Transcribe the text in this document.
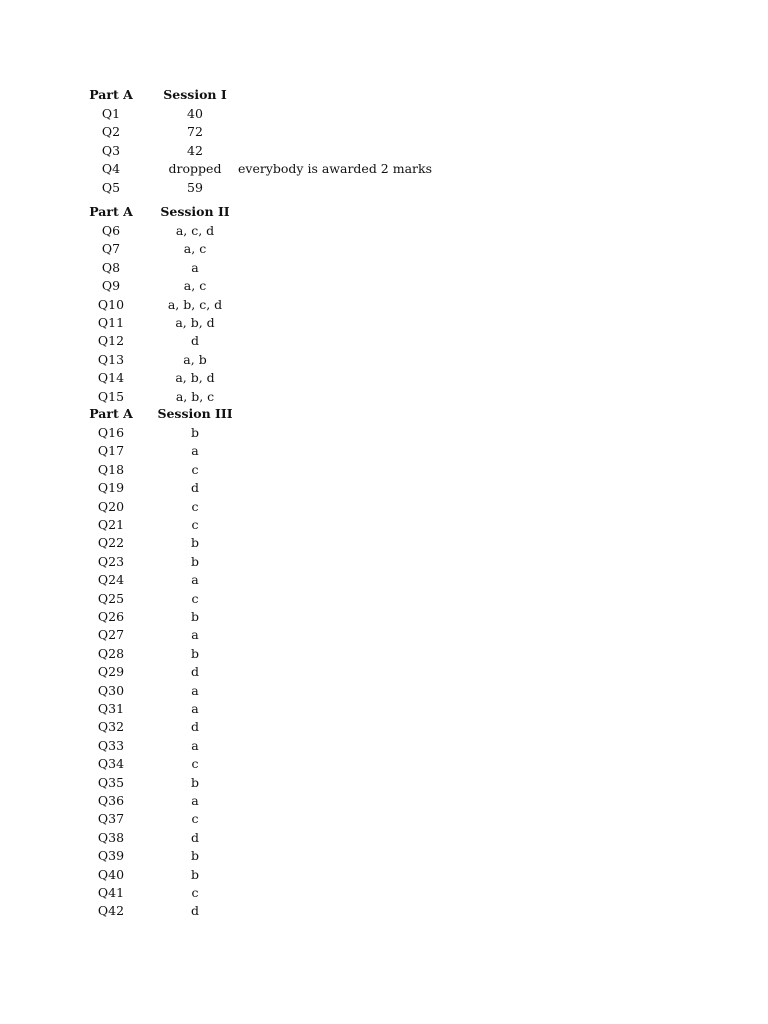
Part A	Session I
Q1	40
Q2	72
Q3	42
Q4	dropped	everybody is awarded 2 marks
Q5	59
Part A	Session II
Q6	a, c, d
Q7	a, c
Q8	a
Q9	a, c
Q10	a, b, c, d
Q11	a, b, d
Q12	d
Q13	a, b
Q14	a, b, d
Q15	a, b, c
Part A	Session III
Q16	b
Q17	a
Q18	c
Q19	d
Q20	c
Q21	c
Q22	b
Q23	b
Q24	a
Q25	c
Q26	b
Q27	a
Q28	b
Q29	d
Q30	a
Q31	a
Q32	d
Q33	a
Q34	c
Q35	b
Q36	a
Q37	c
Q38	d
Q39	b
Q40	b
Q41	c
Q42	d
